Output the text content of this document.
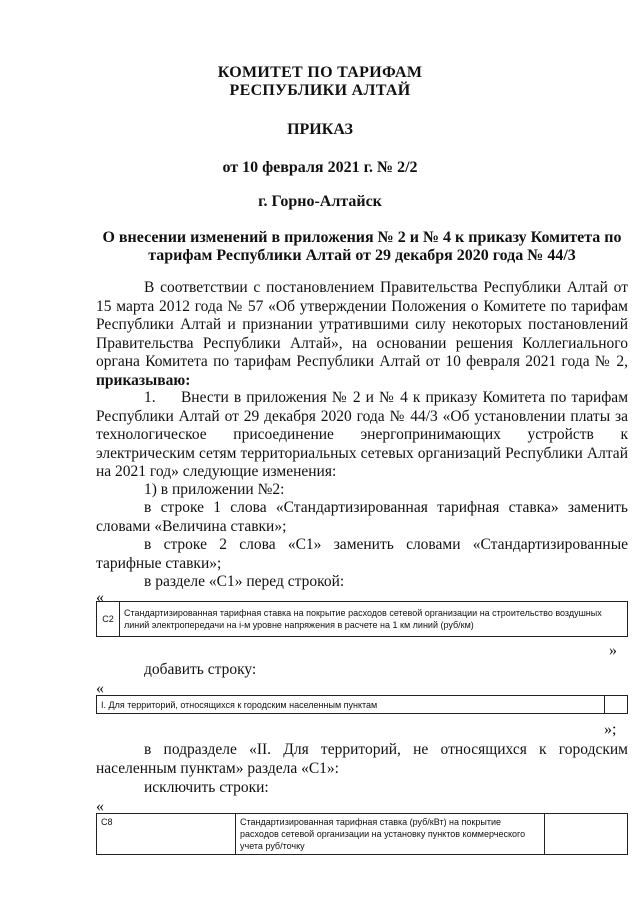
КОМИТЕТ ПО ТАРИФАМ
РЕСПУБЛИКИ АЛТАЙ
ПРИКАЗ
от 10 февраля 2021 г. № 2/2
г. Горно-Алтайск
О внесении изменений в приложения № 2 и № 4 к приказу Комитета по тарифам Республики Алтай от 29 декабря 2020 года № 44/3
В соответствии с постановлением Правительства Республики Алтай от 15 марта 2012 года № 57 «Об утверждении Положения о Комитете по тарифам Республики Алтай и признании утратившими силу некоторых постановлений Правительства Республики Алтай», на основании решения Коллегиального органа Комитета по тарифам Республики Алтай от 10 февраля 2021 года № 2, приказываю:
1. Внести в приложения № 2 и № 4 к приказу Комитета по тарифам Республики Алтай от 29 декабря 2020 года № 44/3 «Об установлении платы за технологическое присоединение энергопринимающих устройств к электрическим сетям территориальных сетевых организаций Республики Алтай на 2021 год» следующие изменения:
1) в приложении №2:
в строке 1 слова «Стандартизированная тарифная ставка» заменить словами «Величина ставки»;
в строке 2 слова «С1» заменить словами «Стандартизированные тарифные ставки»;
в разделе «С1» перед строкой:
«
С2	Стандартизированная тарифная ставка на покрытие расходов сетевой организации на строительство воздушных линий электропередачи на i-м уровне напряжения в расчете на 1 км линий (руб/км)
»
добавить строку:
«
I. Для территорий, относящихся к городским населенным пунктам	
»;
в подразделе «II. Для территорий, не относящихся к городским населенным пунктам» раздела «С1»:
исключить строки:
«
С8	Стандартизированная тарифная ставка (руб/кВт) на покрытие расходов сетевой организации на установку пунктов коммерческого учета руб/точку	
